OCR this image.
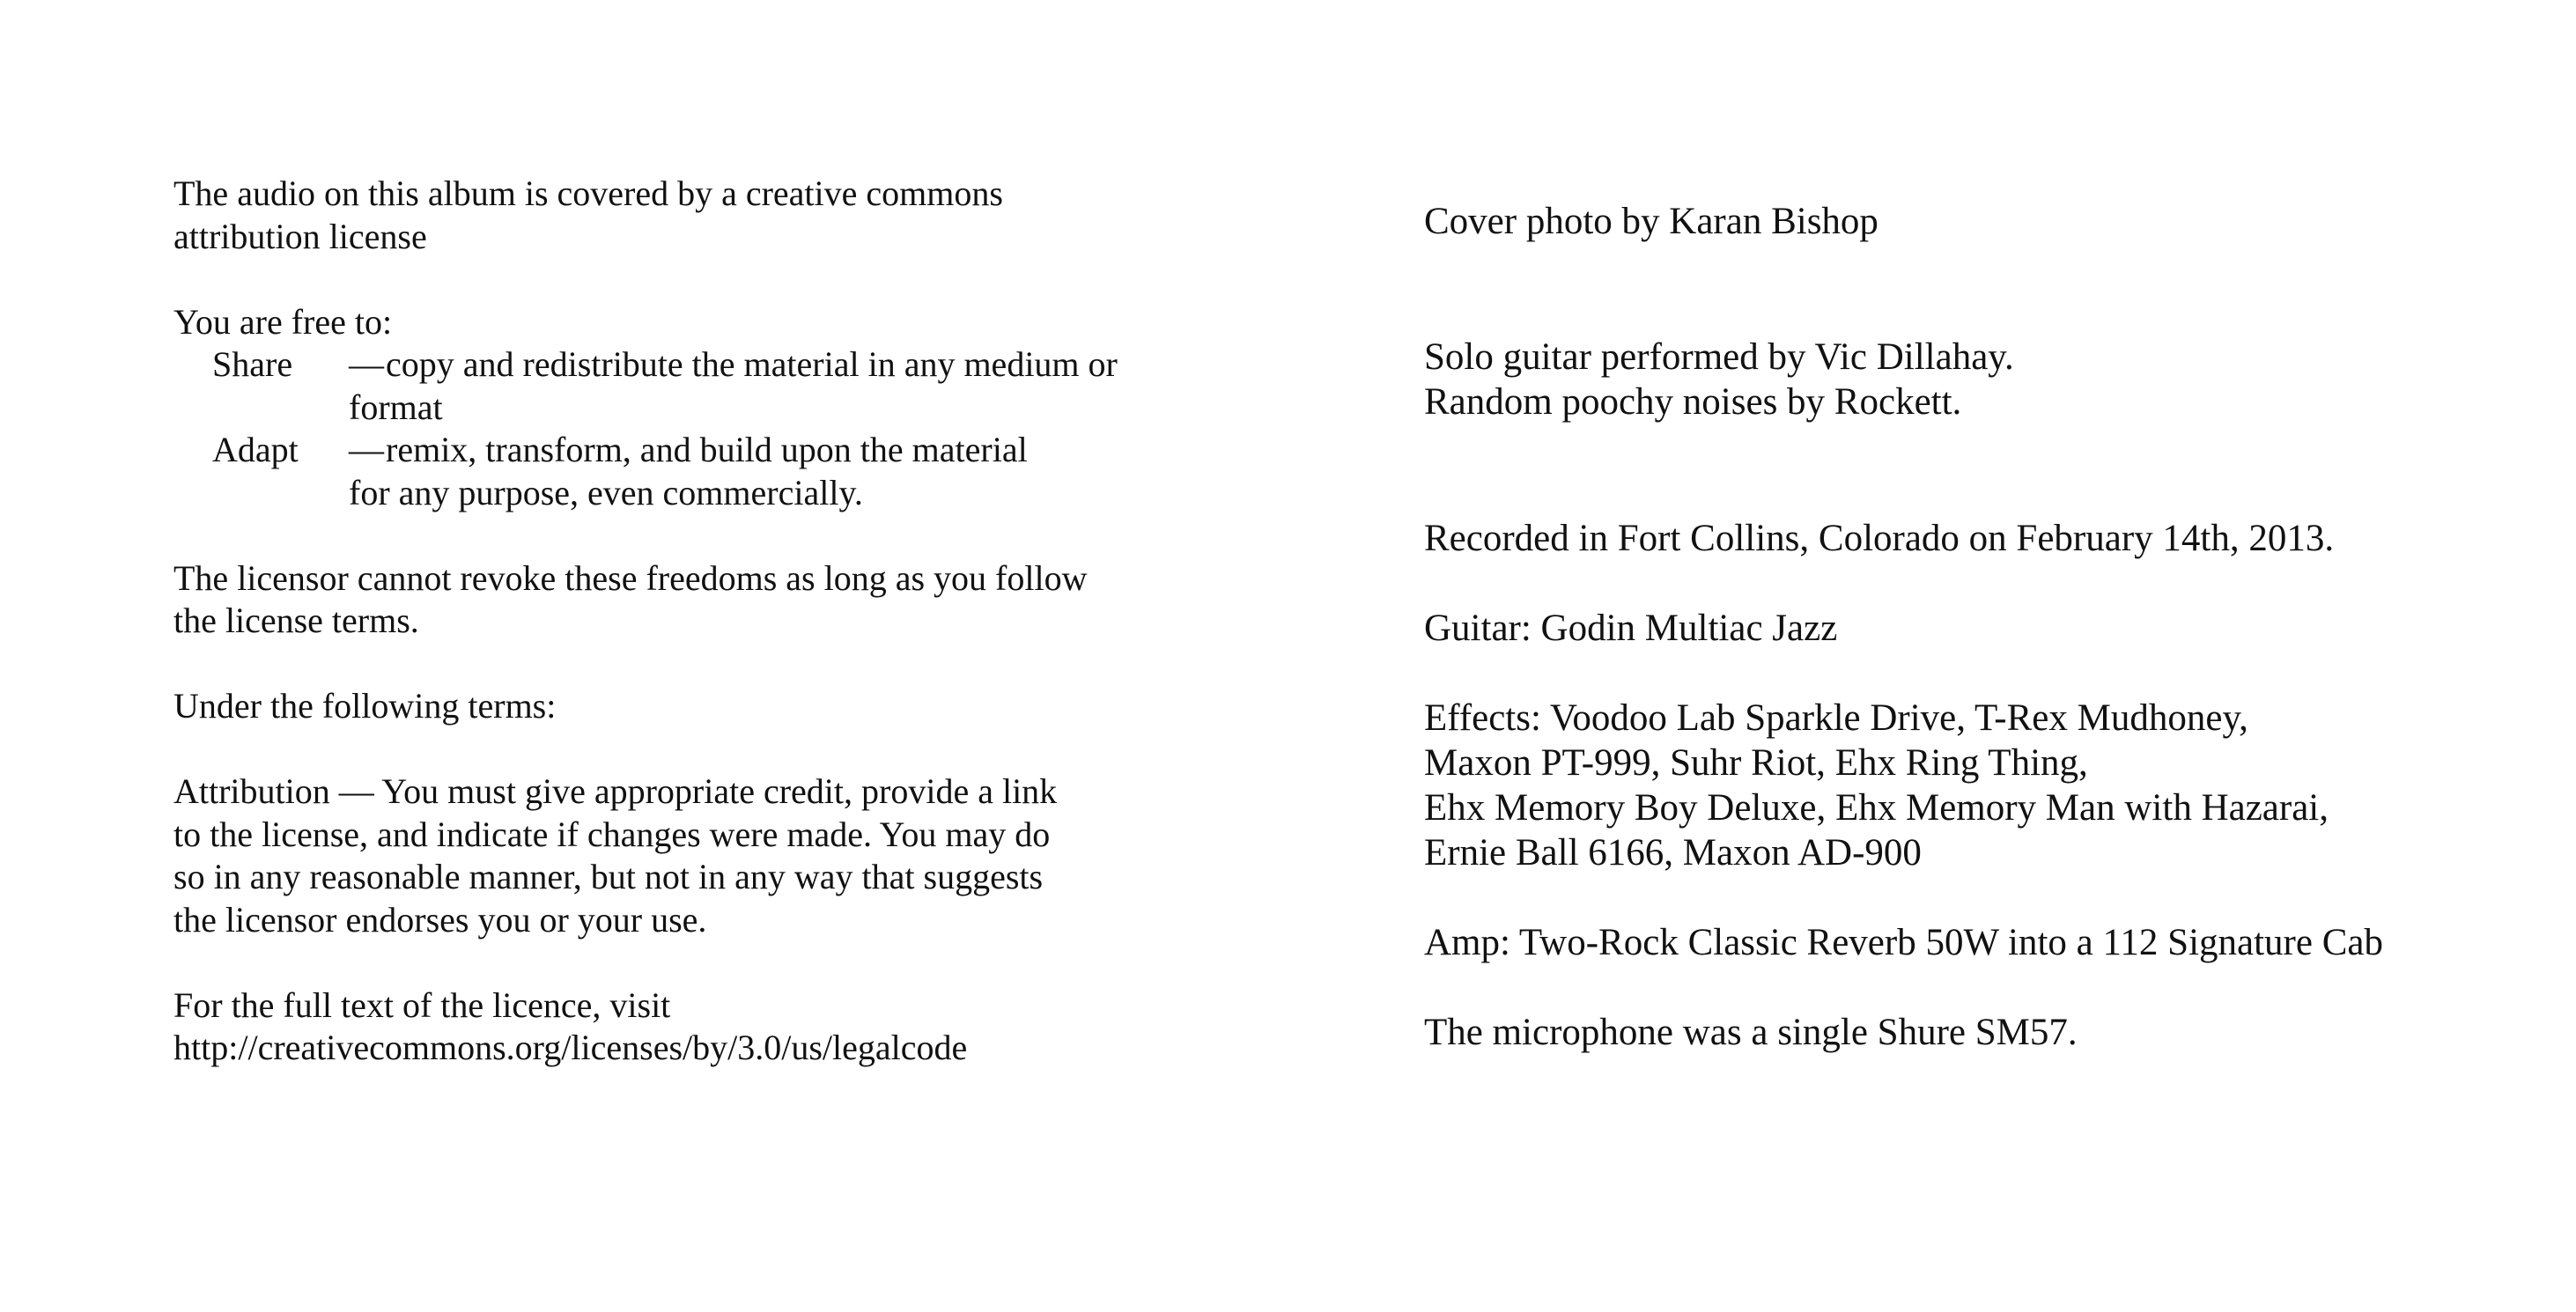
The audio on this album is covered by a creative commons
attribution license
You are free to:
Share	— copy and redistribute the material in any medium or
format
Adapt	— remix, transform, and build upon the material
for any purpose, even commercially.
The licensor cannot revoke these freedoms as long as you follow
the license terms.
Under the following terms:
Attribution — You must give appropriate credit, provide a link
to the license, and indicate if changes were made. You may do
so in any reasonable manner, but not in any way that suggests
the licensor endorses you or your use.
For the full text of the licence, visit
http://creativecommons.org/licenses/by/3.0/us/legalcode
Cover photo by Karan Bishop
Solo guitar performed by Vic Dillahay.
Random poochy noises by Rockett.
Recorded in Fort Collins, Colorado on February 14th, 2013.
Guitar: Godin Multiac Jazz
Effects: Voodoo Lab Sparkle Drive, T-Rex Mudhoney,
Maxon PT-999, Suhr Riot, Ehx Ring Thing,
Ehx Memory Boy Deluxe, Ehx Memory Man with Hazarai,
Ernie Ball 6166, Maxon AD-900
Amp: Two-Rock Classic Reverb 50W into a 112 Signature Cab
The microphone was a single Shure SM57.
